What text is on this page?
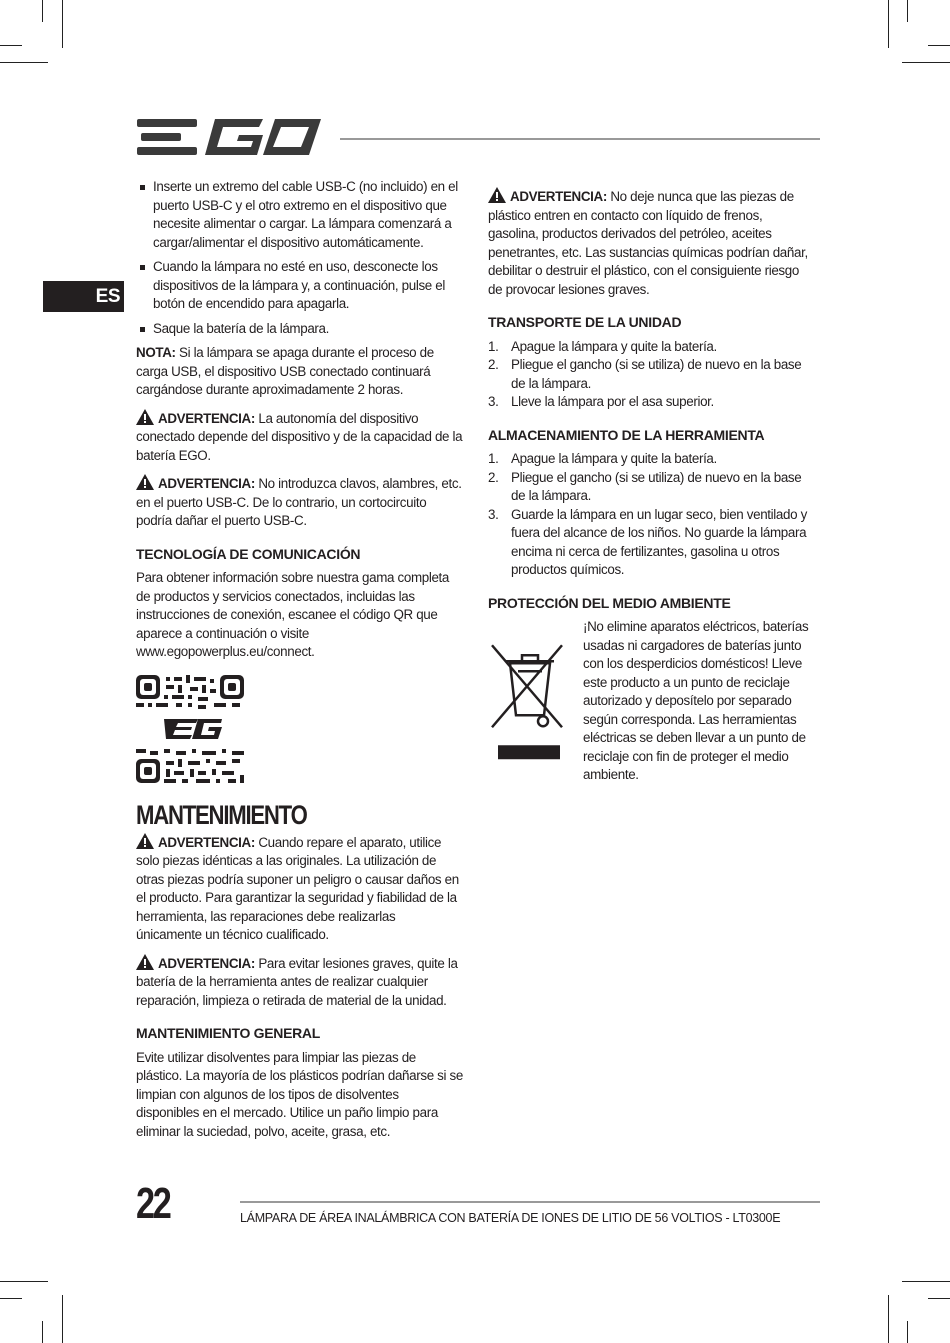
ES
Inserte un extremo del cable USB-C (no incluido) en el puerto USB-C y el otro extremo en el dispositivo que necesite alimentar o cargar. La lámpara comenzará a cargar/alimentar el dispositivo automáticamente.
Cuando la lámpara no esté en uso, desconecte los dispositivos de la lámpara y, a continuación, pulse el botón de encendido para apagarla.
Saque la batería de la lámpara.

NOTA: Si la lámpara se apaga durante el proceso de carga USB, el dispositivo USB conectado continuará cargándose durante aproximadamente 2 horas.

ADVERTENCIA: La autonomía del dispositivo conectado depende del dispositivo y de la capacidad de la batería EGO.

ADVERTENCIA: No introduzca clavos, alambres, etc. en el puerto USB-C. De lo contrario, un cortocircuito podría dañar el puerto USB-C.

TECNOLOGÍA DE COMUNICACIÓN

Para obtener información sobre nuestra gama completa de productos y servicios conectados, incluidas las instrucciones de conexión, escanee el código QR que aparece a continuación o visite www.egopowerplus.eu/connect.

MANTENIMIENTO

ADVERTENCIA: Cuando repare el aparato, utilice solo piezas idénticas a las originales. La utilización de otras piezas podría suponer un peligro o causar daños en el producto. Para garantizar la seguridad y fiabilidad de la herramienta, las reparaciones debe realizarlas únicamente un técnico cualificado.

ADVERTENCIA: Para evitar lesiones graves, quite la batería de la herramienta antes de realizar cualquier reparación, limpieza o retirada de material de la unidad.

MANTENIMIENTO GENERAL

Evite utilizar disolventes para limpiar las piezas de plástico. La mayoría de los plásticos podrían dañarse si se limpian con algunos de los tipos de disolventes disponibles en el mercado. Utilice un paño limpio para eliminar la suciedad, polvo, aceite, grasa, etc.

ADVERTENCIA: No deje nunca que las piezas de plástico entren en contacto con líquido de frenos, gasolina, productos derivados del petróleo, aceites penetrantes, etc. Las sustancias químicas podrían dañar, debilitar o destruir el plástico, con el consiguiente riesgo de provocar lesiones graves.

TRANSPORTE DE LA UNIDAD
1. Apague la lámpara y quite la batería.
2. Pliegue el gancho (si se utiliza) de nuevo en la base de la lámpara.
3. Lleve la lámpara por el asa superior.
ALMACENAMIENTO DE LA HERRAMIENTA
1. Apague la lámpara y quite la batería.
2. Pliegue el gancho (si se utiliza) de nuevo en la base de la lámpara.
3. Guarde la lámpara en un lugar seco, bien ventilado y fuera del alcance de los niños. No guarde la lámpara encima ni cerca de fertilizantes, gasolina u otros productos químicos.
PROTECCIÓN DEL MEDIO AMBIENTE

¡No elimine aparatos eléctricos, baterías usadas ni cargadores de baterías junto con los desperdicios domésticos! Lleve este producto a un punto de reciclaje autorizado y deposítelo por separado según corresponda. Las herramientas eléctricas se deben llevar a un punto de reciclaje con fin de proteger el medio ambiente.

22	LÁMPARA DE ÁREA INALÁMBRICA CON BATERÍA DE IONES DE LITIO DE 56 VOLTIOS - LT0300E
